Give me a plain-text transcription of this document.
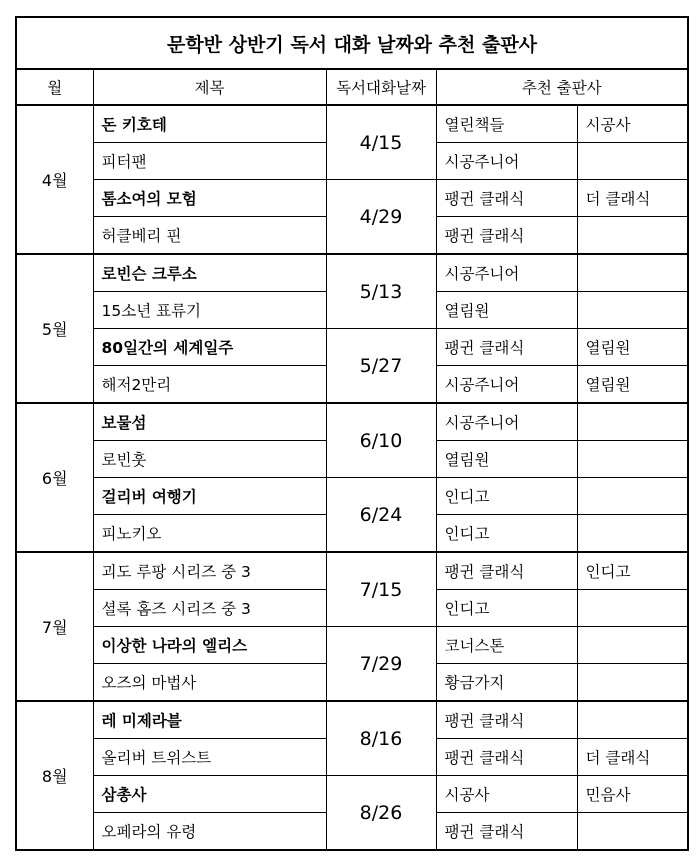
문학반 상반기 독서 대화 날짜와 추천 출판사				
월	제목	독서대화날짜	추천 출판사	
4월	돈 키호테	4/15	열린책들	시공사
	피터팬		시공주니어	
	톰소여의 모험	4/29	팽귄 클래식	더 클래식
	허클베리 핀		팽귄 클래식	
5월	로빈슨 크루소	5/13	시공주니어	
	15소년 표류기		열림원	
	80일간의 세계일주	5/27	팽귄 클래식	열림원
	해저2만리		시공주니어	열림원
6월	보물섬	6/10	시공주니어	
	로빈훗		열림원	
	걸리버 여행기	6/24	인디고	
	피노키오		인디고	
7월	괴도 루팡 시리즈 중 3	7/15	팽귄 클래식	인디고
	셜록 홈즈 시리즈 중 3		인디고	
	이상한 나라의 엘리스	7/29	코너스톤	
	오즈의 마법사		황금가지	
8월	레 미제라블	8/16	팽귄 클래식	
	올리버 트위스트		팽귄 클래식	더 클래식
	삼총사	8/26	시공사	민음사
	오페라의 유령		팽귄 클래식	
